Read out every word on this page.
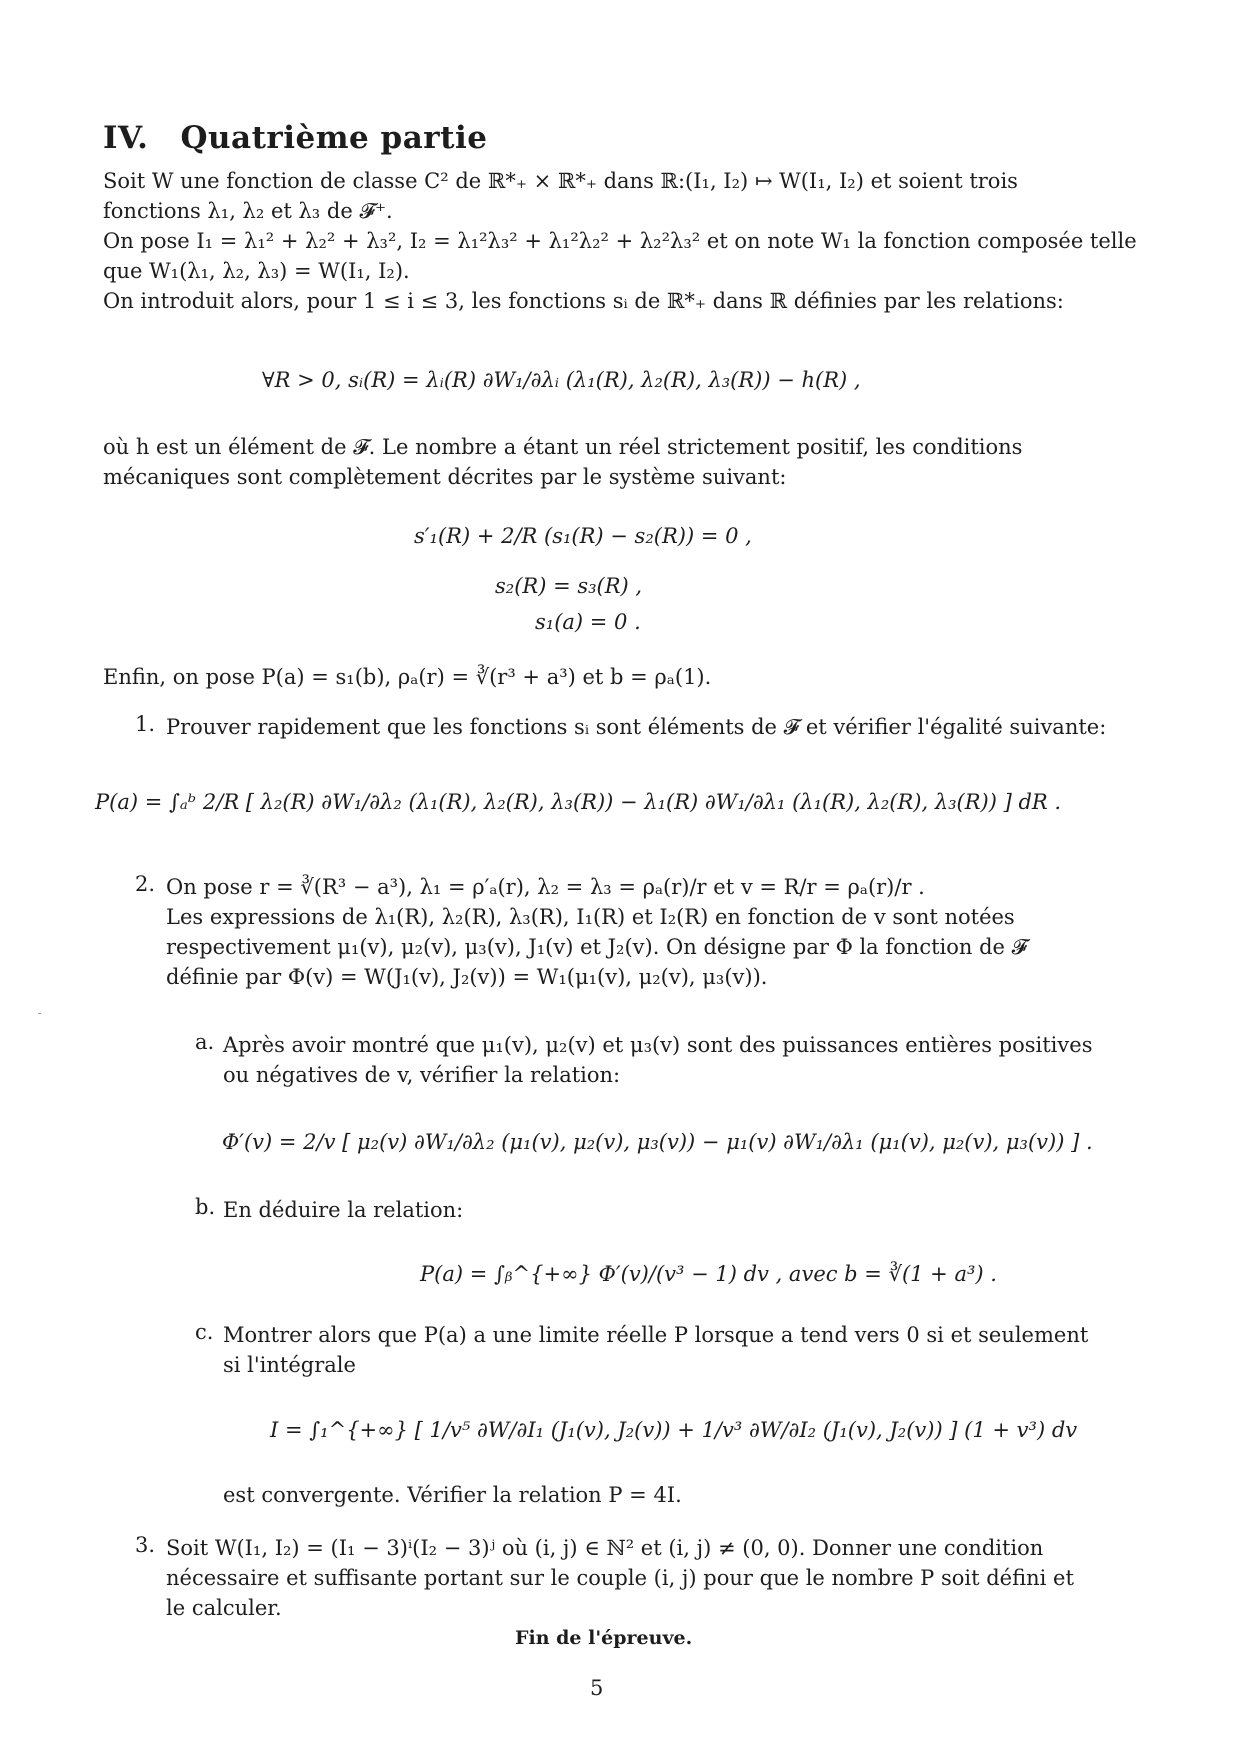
IV. Quatrième partie
Soit W une fonction de classe C² de ℝ*₊ × ℝ*₊ dans ℝ:(I₁, I₂) ↦ W(I₁, I₂) et soient trois
fonctions λ₁, λ₂ et λ₃ de 𝓕⁺.
On pose I₁ = λ₁² + λ₂² + λ₃², I₂ = λ₁²λ₃² + λ₁²λ₂² + λ₂²λ₃² et on note W₁ la fonction composée telle
que W₁(λ₁, λ₂, λ₃) = W(I₁, I₂).
On introduit alors, pour 1 ≤ i ≤ 3, les fonctions sᵢ de ℝ*₊ dans ℝ définies par les relations:
∀R > 0, sᵢ(R) = λᵢ(R) ∂W₁/∂λᵢ (λ₁(R), λ₂(R), λ₃(R)) − h(R) ,
où h est un élément de 𝓕. Le nombre a étant un réel strictement positif, les conditions
mécaniques sont complètement décrites par le système suivant:
s′₁(R) + 2/R (s₁(R) − s₂(R)) = 0 ,
s₂(R) = s₃(R) ,
s₁(a) = 0 .
Enfin, on pose P(a) = s₁(b), ρₐ(r) = ∛(r³ + a³) et b = ρₐ(1).
1. Prouver rapidement que les fonctions sᵢ sont éléments de 𝓕 et vérifier l'égalité suivante:
P(a) = ∫ₐᵇ 2/R [ λ₂(R) ∂W₁/∂λ₂ (λ₁(R), λ₂(R), λ₃(R)) − λ₁(R) ∂W₁/∂λ₁ (λ₁(R), λ₂(R), λ₃(R)) ] dR .
2. On pose r = ∛(R³ − a³), λ₁ = ρ′ₐ(r), λ₂ = λ₃ = ρₐ(r)/r et v = R/r = ρₐ(r)/r .
Les expressions de λ₁(R), λ₂(R), λ₃(R), I₁(R) et I₂(R) en fonction de v sont notées
respectivement μ₁(v), μ₂(v), μ₃(v), J₁(v) et J₂(v). On désigne par Φ la fonction de 𝓕
définie par Φ(v) = W(J₁(v), J₂(v)) = W₁(μ₁(v), μ₂(v), μ₃(v)).
a. Après avoir montré que μ₁(v), μ₂(v) et μ₃(v) sont des puissances entières positives
ou négatives de v, vérifier la relation:
Φ′(v) = 2/v [ μ₂(v) ∂W₁/∂λ₂ (μ₁(v), μ₂(v), μ₃(v)) − μ₁(v) ∂W₁/∂λ₁ (μ₁(v), μ₂(v), μ₃(v)) ] .
b. En déduire la relation:
P(a) = ∫ᵦ^{+∞} Φ′(v)/(v³ − 1) dv , avec b = ∛(1 + a³) .
c. Montrer alors que P(a) a une limite réelle P lorsque a tend vers 0 si et seulement
si l'intégrale
I = ∫₁^{+∞} [ 1/v⁵ ∂W/∂I₁ (J₁(v), J₂(v)) + 1/v³ ∂W/∂I₂ (J₁(v), J₂(v)) ] (1 + v³) dv
est convergente. Vérifier la relation P = 4I.
3. Soit W(I₁, I₂) = (I₁ − 3)ⁱ(I₂ − 3)ʲ où (i, j) ∈ ℕ² et (i, j) ≠ (0, 0). Donner une condition
nécessaire et suffisante portant sur le couple (i, j) pour que le nombre P soit défini et
le calculer.
Fin de l'épreuve.
5
